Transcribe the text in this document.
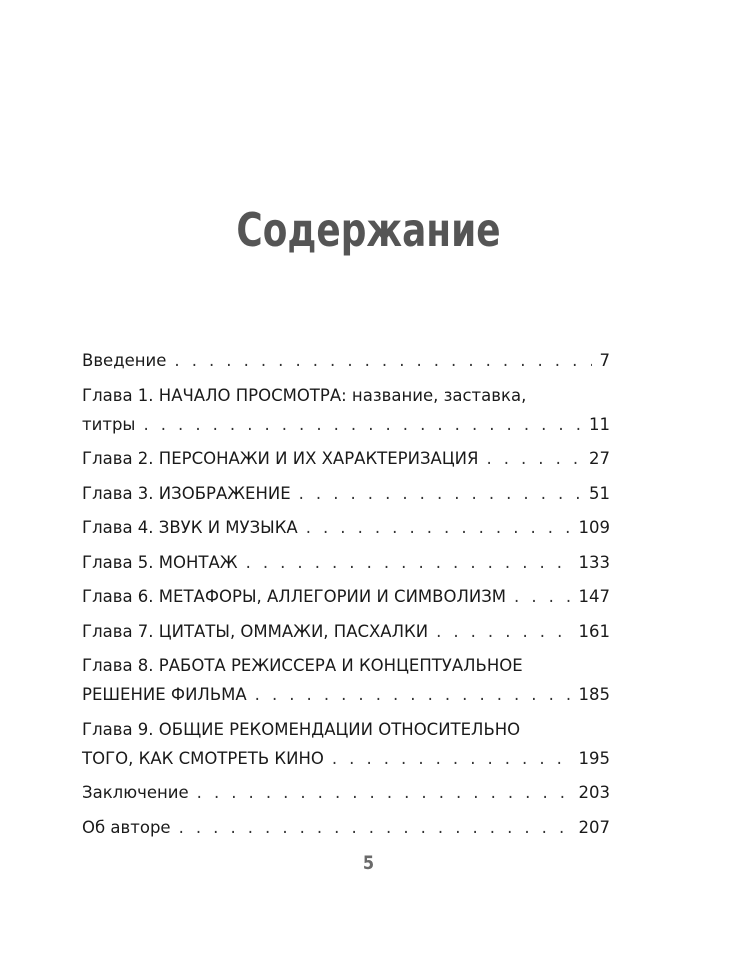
Содержание
Введение . . .	7
Глава 1. НАЧАЛО ПРОСМОТРА: название, заставка,
титры . . .	11
Глава 2. ПЕРСОНАЖИ И ИХ ХАРАКТЕРИЗАЦИЯ . . .	27
Глава 3. ИЗОБРАЖЕНИЕ . . .	51
Глава 4. ЗВУК И МУЗЫКА . . .	109
Глава 5. МОНТАЖ . . .	133
Глава 6. МЕТАФОРЫ, АЛЛЕГОРИИ И СИМВОЛИЗМ . . .	147
Глава 7. ЦИТАТЫ, ОММАЖИ, ПАСХАЛКИ . . .	161
Глава 8. РАБОТА РЕЖИССЕРА И КОНЦЕПТУАЛЬНОЕ
РЕШЕНИЕ ФИЛЬМА . . .	185
Глава 9. ОБЩИЕ РЕКОМЕНДАЦИИ ОТНОСИТЕЛЬНО
ТОГО, КАК СМОТРЕТЬ КИНО . . .	195
Заключение . . .	203
Об авторе . . .	207
5
